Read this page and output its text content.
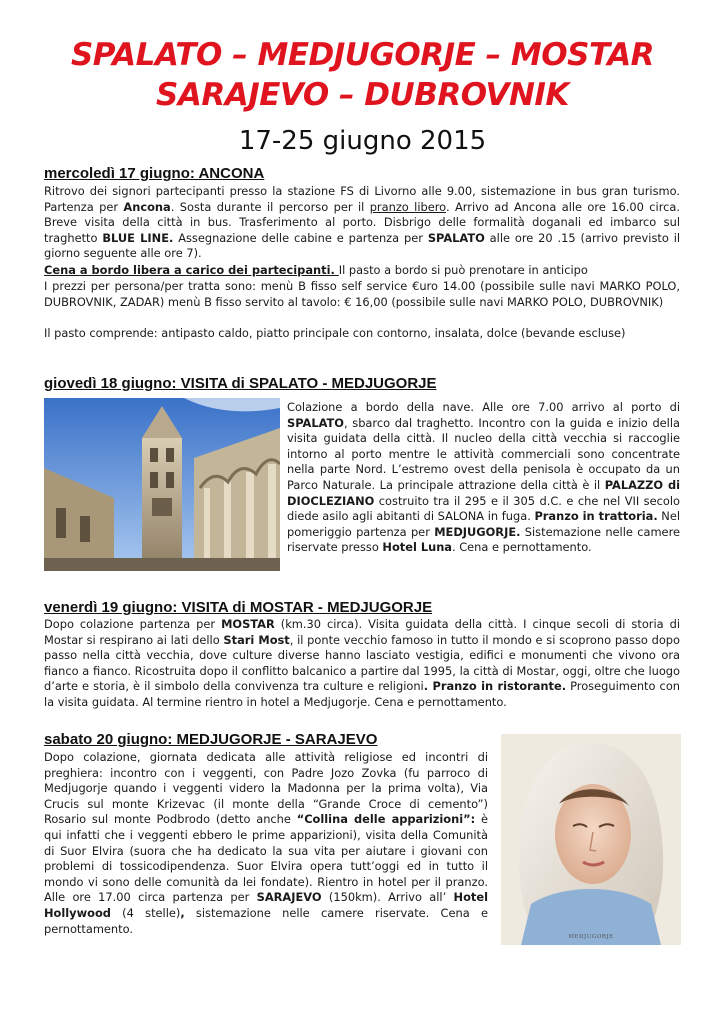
SPALATO – MEDJUGORJE – MOSTAR
SARAJEVO – DUBROVNIK
17-25 giugno 2015
mercoledì 17 giugno: ANCONA

Ritrovo dei signori partecipanti presso la stazione FS di Livorno alle 9.00, sistemazione in bus gran turismo. Partenza per Ancona. Sosta durante il percorso per il pranzo libero. Arrivo ad Ancona alle ore 16.00 circa. Breve visita della città in bus. Trasferimento al porto. Disbrigo delle formalità doganali ed imbarco sul traghetto BLUE LINE. Assegnazione delle cabine e partenza per SPALATO alle ore 20 .15 (arrivo previsto il giorno seguente alle ore 7).

Cena a bordo libera a carico dei partecipanti. Il pasto a bordo si può prenotare in anticipo

I prezzi per persona/per tratta sono: menù B fisso self service €uro 14.00 (possibile sulle navi MARKO POLO, DUBROVNIK, ZADAR) menù B fisso servito al tavolo: € 16,00 (possibile sulle navi MARKO POLO, DUBROVNIK)

Il pasto comprende: antipasto caldo, piatto principale con contorno, insalata, dolce (bevande escluse)

giovedì 18 giugno: VISITA di SPALATO - MEDJUGORJE

Colazione a bordo della nave. Alle ore 7.00 arrivo al porto di SPALATO, sbarco dal traghetto. Incontro con la guida e inizio della visita guidata della città. Il nucleo della città vecchia si raccoglie intorno al porto mentre le attività commerciali sono concentrate nella parte Nord. L’estremo ovest della penisola è occupato da un Parco Naturale. La principale attrazione della città è il PALAZZO di DIOCLEZIANO costruito tra il 295 e il 305 d.C. e che nel VII secolo diede asilo agli abitanti di SALONA in fuga. Pranzo in trattoria. Nel pomeriggio partenza per MEDJUGORJE. Sistemazione nelle camere riservate presso Hotel Luna. Cena e pernottamento.

venerdì 19 giugno: VISITA di MOSTAR - MEDJUGORJE

Dopo colazione partenza per MOSTAR (km.30 circa). Visita guidata della città. I cinque secoli di storia di Mostar si respirano ai lati dello Stari Most, il ponte vecchio famoso in tutto il mondo e si scoprono passo dopo passo nella città vecchia, dove culture diverse hanno lasciato vestigia, edifici e monumenti che vivono ora fianco a fianco. Ricostruita dopo il conflitto balcanico a partire dal 1995, la città di Mostar, oggi, oltre che luogo d’arte e storia, è il simbolo della convivenza tra culture e religioni. Pranzo in ristorante. Proseguimento con la visita guidata. Al termine rientro in hotel a Medjugorje. Cena e pernottamento.

sabato 20 giugno: MEDJUGORJE - SARAJEVO

Dopo colazione, giornata dedicata alle attività religiose ed incontri di preghiera: incontro con i veggenti, con Padre Jozo Zovka (fu parroco di Medjugorje quando i veggenti videro la Madonna per la prima volta), Via Crucis sul monte Krizevac (il monte della “Grande Croce di cemento”) Rosario sul monte Podbrodo (detto anche “Collina delle apparizioni”: è qui infatti che i veggenti ebbero le prime apparizioni), visita della Comunità di Suor Elvira (suora che ha dedicato la sua vita per aiutare i giovani con problemi di tossicodipendenza. Suor Elvira opera tutt’oggi ed in tutto il mondo vi sono delle comunità da lei fondate). Rientro in hotel per il pranzo. Alle ore 17.00 circa partenza per SARAJEVO (150km). Arrivo all’ Hotel Hollywood (4 stelle), sistemazione nelle camere riservate. Cena e pernottamento.

MEDJUGORJE
